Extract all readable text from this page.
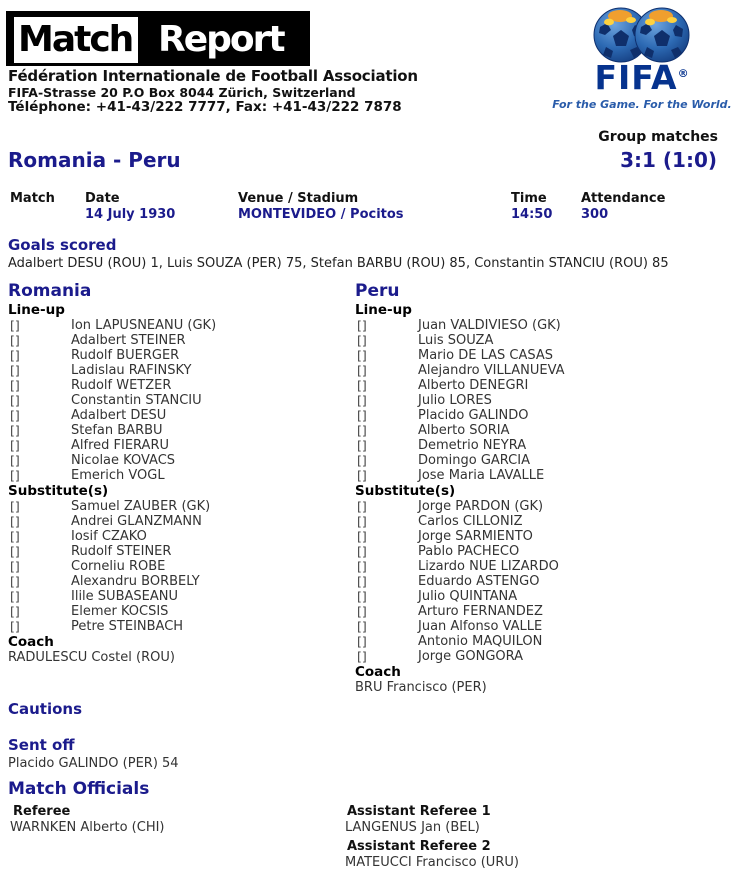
Match Report
Fédération Internationale de Football Association
FIFA-Strasse 20 P.O Box 8044 Zürich, Switzerland
Téléphone: +41-43/222 7777, Fax: +41-43/222 7878
FIFA®
For the Game. For the World.
Group matches
Romania - Peru	3:1 (1:0)
Match Date	Venue / Stadium	Time	Attendance
14 July 1930	MONTEVIDEO / Pocitos	14:50 300
Goals scored
Adalbert DESU (ROU) 1, Luis SOUZA (PER) 75, Stefan BARBU (ROU) 85, Constantin STANCIU (ROU) 85
Romania
Line-up
[]	Ion LAPUSNEANU (GK)
[]	Adalbert STEINER
[]	Rudolf BUERGER
[]	Ladislau RAFINSKY
[]	Rudolf WETZER
[]	Constantin STANCIU
[]	Adalbert DESU
[]	Stefan BARBU
[]	Alfred FIERARU
[]	Nicolae KOVACS
[]	Emerich VOGL
Substitute(s)
[]	Samuel ZAUBER (GK)
[]	Andrei GLANZMANN
[]	Iosif CZAKO
[]	Rudolf STEINER
[]	Corneliu ROBE
[]	Alexandru BORBELY
[]	Ilile SUBASEANU
[]	Elemer KOCSIS
[]	Petre STEINBACH
Coach
RADULESCU Costel (ROU)
Peru
Line-up
[]	Juan VALDIVIESO (GK)
[]	Luis SOUZA
[]	Mario DE LAS CASAS
[]	Alejandro VILLANUEVA
[]	Alberto DENEGRI
[]	Julio LORES
[]	Placido GALINDO
[]	Alberto SORIA
[]	Demetrio NEYRA
[]	Domingo GARCIA
[]	Jose Maria LAVALLE
Substitute(s)
[]	Jorge PARDON (GK)
[]	Carlos CILLONIZ
[]	Jorge SARMIENTO
[]	Pablo PACHECO
[]	Lizardo NUE LIZARDO
[]	Eduardo ASTENGO
[]	Julio QUINTANA
[]	Arturo FERNANDEZ
[]	Juan Alfonso VALLE
[]	Antonio MAQUILON
[]	Jorge GONGORA
Coach
BRU Francisco (PER)
Cautions
Sent off
Placido GALINDO (PER) 54
Match Officials
Referee
WARNKEN Alberto (CHI)
Assistant Referee 1
LANGENUS Jan (BEL)
Assistant Referee 2
MATEUCCI Francisco (URU)
